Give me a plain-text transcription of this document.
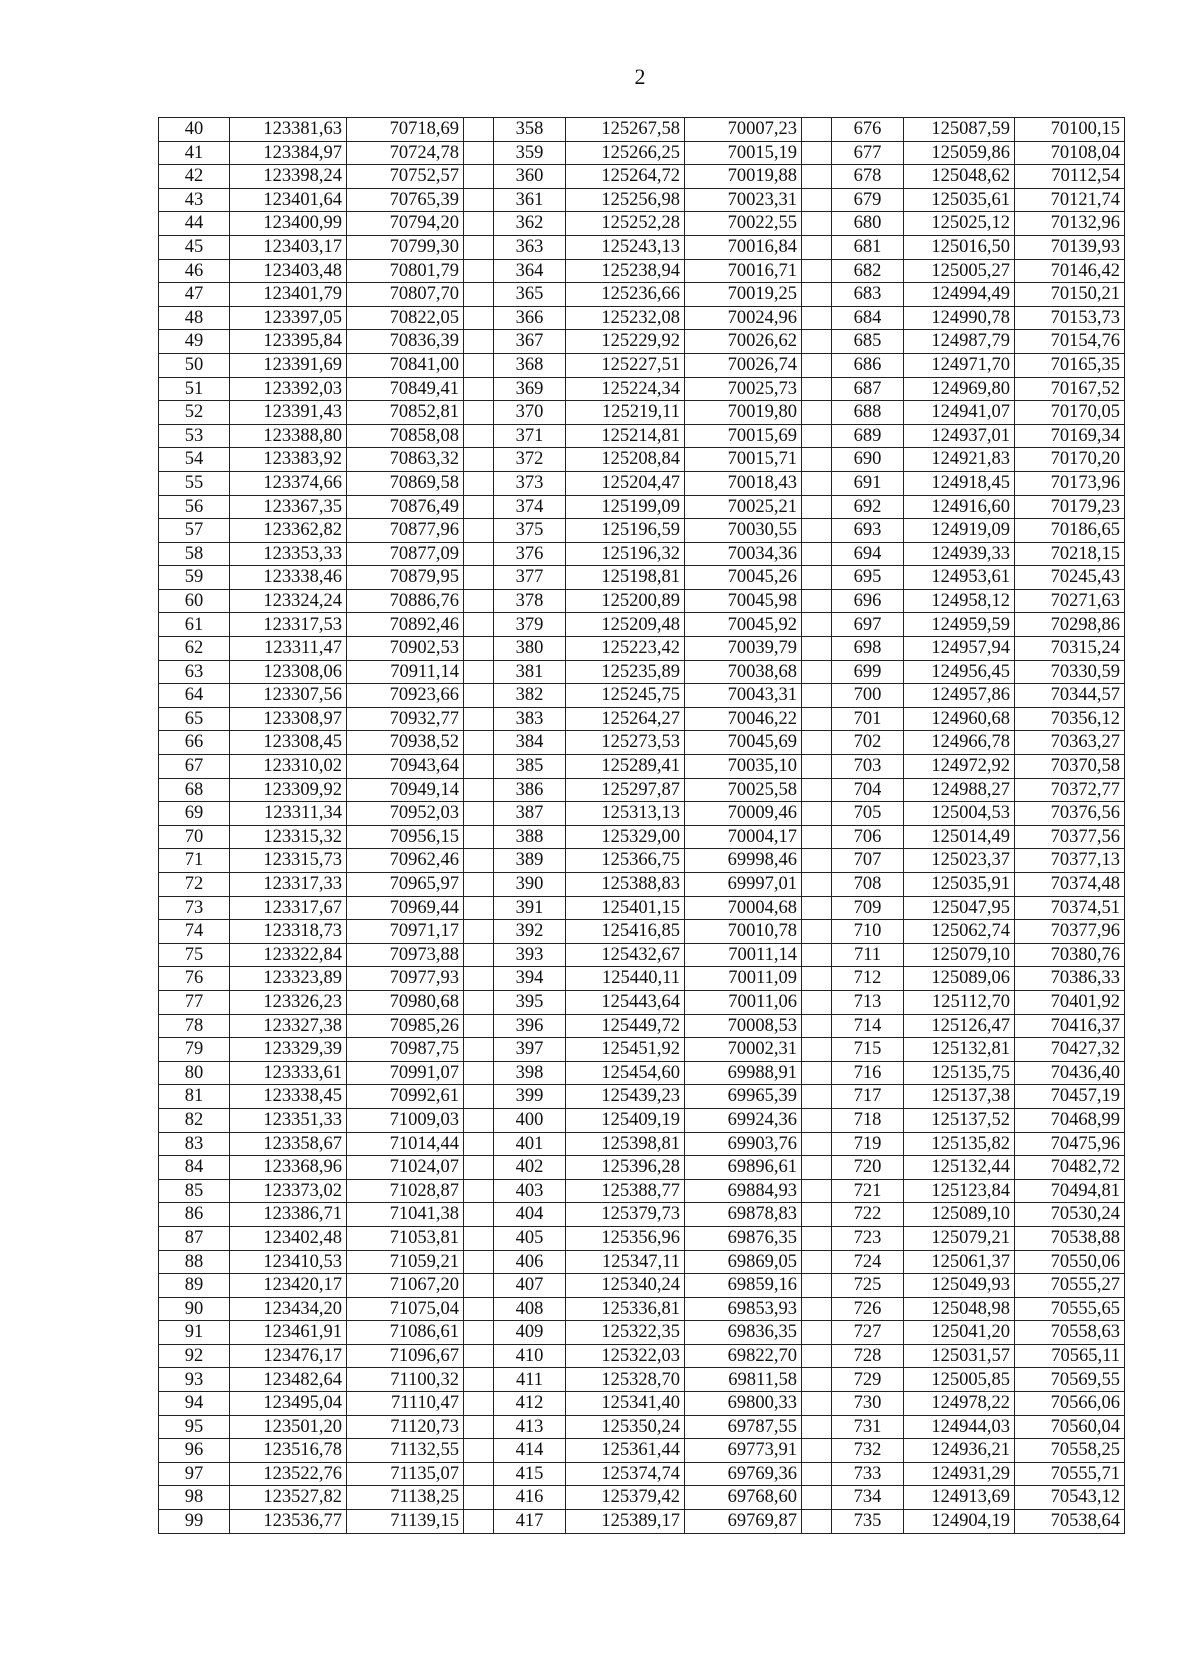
2
40	123381,63	70718,69		358	125267,58	70007,23		676	125087,59	70100,15
41	123384,97	70724,78		359	125266,25	70015,19		677	125059,86	70108,04
42	123398,24	70752,57		360	125264,72	70019,88		678	125048,62	70112,54
43	123401,64	70765,39		361	125256,98	70023,31		679	125035,61	70121,74
44	123400,99	70794,20		362	125252,28	70022,55		680	125025,12	70132,96
45	123403,17	70799,30		363	125243,13	70016,84		681	125016,50	70139,93
46	123403,48	70801,79		364	125238,94	70016,71		682	125005,27	70146,42
47	123401,79	70807,70		365	125236,66	70019,25		683	124994,49	70150,21
48	123397,05	70822,05		366	125232,08	70024,96		684	124990,78	70153,73
49	123395,84	70836,39		367	125229,92	70026,62		685	124987,79	70154,76
50	123391,69	70841,00		368	125227,51	70026,74		686	124971,70	70165,35
51	123392,03	70849,41		369	125224,34	70025,73		687	124969,80	70167,52
52	123391,43	70852,81		370	125219,11	70019,80		688	124941,07	70170,05
53	123388,80	70858,08		371	125214,81	70015,69		689	124937,01	70169,34
54	123383,92	70863,32		372	125208,84	70015,71		690	124921,83	70170,20
55	123374,66	70869,58		373	125204,47	70018,43		691	124918,45	70173,96
56	123367,35	70876,49		374	125199,09	70025,21		692	124916,60	70179,23
57	123362,82	70877,96		375	125196,59	70030,55		693	124919,09	70186,65
58	123353,33	70877,09		376	125196,32	70034,36		694	124939,33	70218,15
59	123338,46	70879,95		377	125198,81	70045,26		695	124953,61	70245,43
60	123324,24	70886,76		378	125200,89	70045,98		696	124958,12	70271,63
61	123317,53	70892,46		379	125209,48	70045,92		697	124959,59	70298,86
62	123311,47	70902,53		380	125223,42	70039,79		698	124957,94	70315,24
63	123308,06	70911,14		381	125235,89	70038,68		699	124956,45	70330,59
64	123307,56	70923,66		382	125245,75	70043,31		700	124957,86	70344,57
65	123308,97	70932,77		383	125264,27	70046,22		701	124960,68	70356,12
66	123308,45	70938,52		384	125273,53	70045,69		702	124966,78	70363,27
67	123310,02	70943,64		385	125289,41	70035,10		703	124972,92	70370,58
68	123309,92	70949,14		386	125297,87	70025,58		704	124988,27	70372,77
69	123311,34	70952,03		387	125313,13	70009,46		705	125004,53	70376,56
70	123315,32	70956,15		388	125329,00	70004,17		706	125014,49	70377,56
71	123315,73	70962,46		389	125366,75	69998,46		707	125023,37	70377,13
72	123317,33	70965,97		390	125388,83	69997,01		708	125035,91	70374,48
73	123317,67	70969,44		391	125401,15	70004,68		709	125047,95	70374,51
74	123318,73	70971,17		392	125416,85	70010,78		710	125062,74	70377,96
75	123322,84	70973,88		393	125432,67	70011,14		711	125079,10	70380,76
76	123323,89	70977,93		394	125440,11	70011,09		712	125089,06	70386,33
77	123326,23	70980,68		395	125443,64	70011,06		713	125112,70	70401,92
78	123327,38	70985,26		396	125449,72	70008,53		714	125126,47	70416,37
79	123329,39	70987,75		397	125451,92	70002,31		715	125132,81	70427,32
80	123333,61	70991,07		398	125454,60	69988,91		716	125135,75	70436,40
81	123338,45	70992,61		399	125439,23	69965,39		717	125137,38	70457,19
82	123351,33	71009,03		400	125409,19	69924,36		718	125137,52	70468,99
83	123358,67	71014,44		401	125398,81	69903,76		719	125135,82	70475,96
84	123368,96	71024,07		402	125396,28	69896,61		720	125132,44	70482,72
85	123373,02	71028,87		403	125388,77	69884,93		721	125123,84	70494,81
86	123386,71	71041,38		404	125379,73	69878,83		722	125089,10	70530,24
87	123402,48	71053,81		405	125356,96	69876,35		723	125079,21	70538,88
88	123410,53	71059,21		406	125347,11	69869,05		724	125061,37	70550,06
89	123420,17	71067,20		407	125340,24	69859,16		725	125049,93	70555,27
90	123434,20	71075,04		408	125336,81	69853,93		726	125048,98	70555,65
91	123461,91	71086,61		409	125322,35	69836,35		727	125041,20	70558,63
92	123476,17	71096,67		410	125322,03	69822,70		728	125031,57	70565,11
93	123482,64	71100,32		411	125328,70	69811,58		729	125005,85	70569,55
94	123495,04	71110,47		412	125341,40	69800,33		730	124978,22	70566,06
95	123501,20	71120,73		413	125350,24	69787,55		731	124944,03	70560,04
96	123516,78	71132,55		414	125361,44	69773,91		732	124936,21	70558,25
97	123522,76	71135,07		415	125374,74	69769,36		733	124931,29	70555,71
98	123527,82	71138,25		416	125379,42	69768,60		734	124913,69	70543,12
99	123536,77	71139,15		417	125389,17	69769,87		735	124904,19	70538,64
